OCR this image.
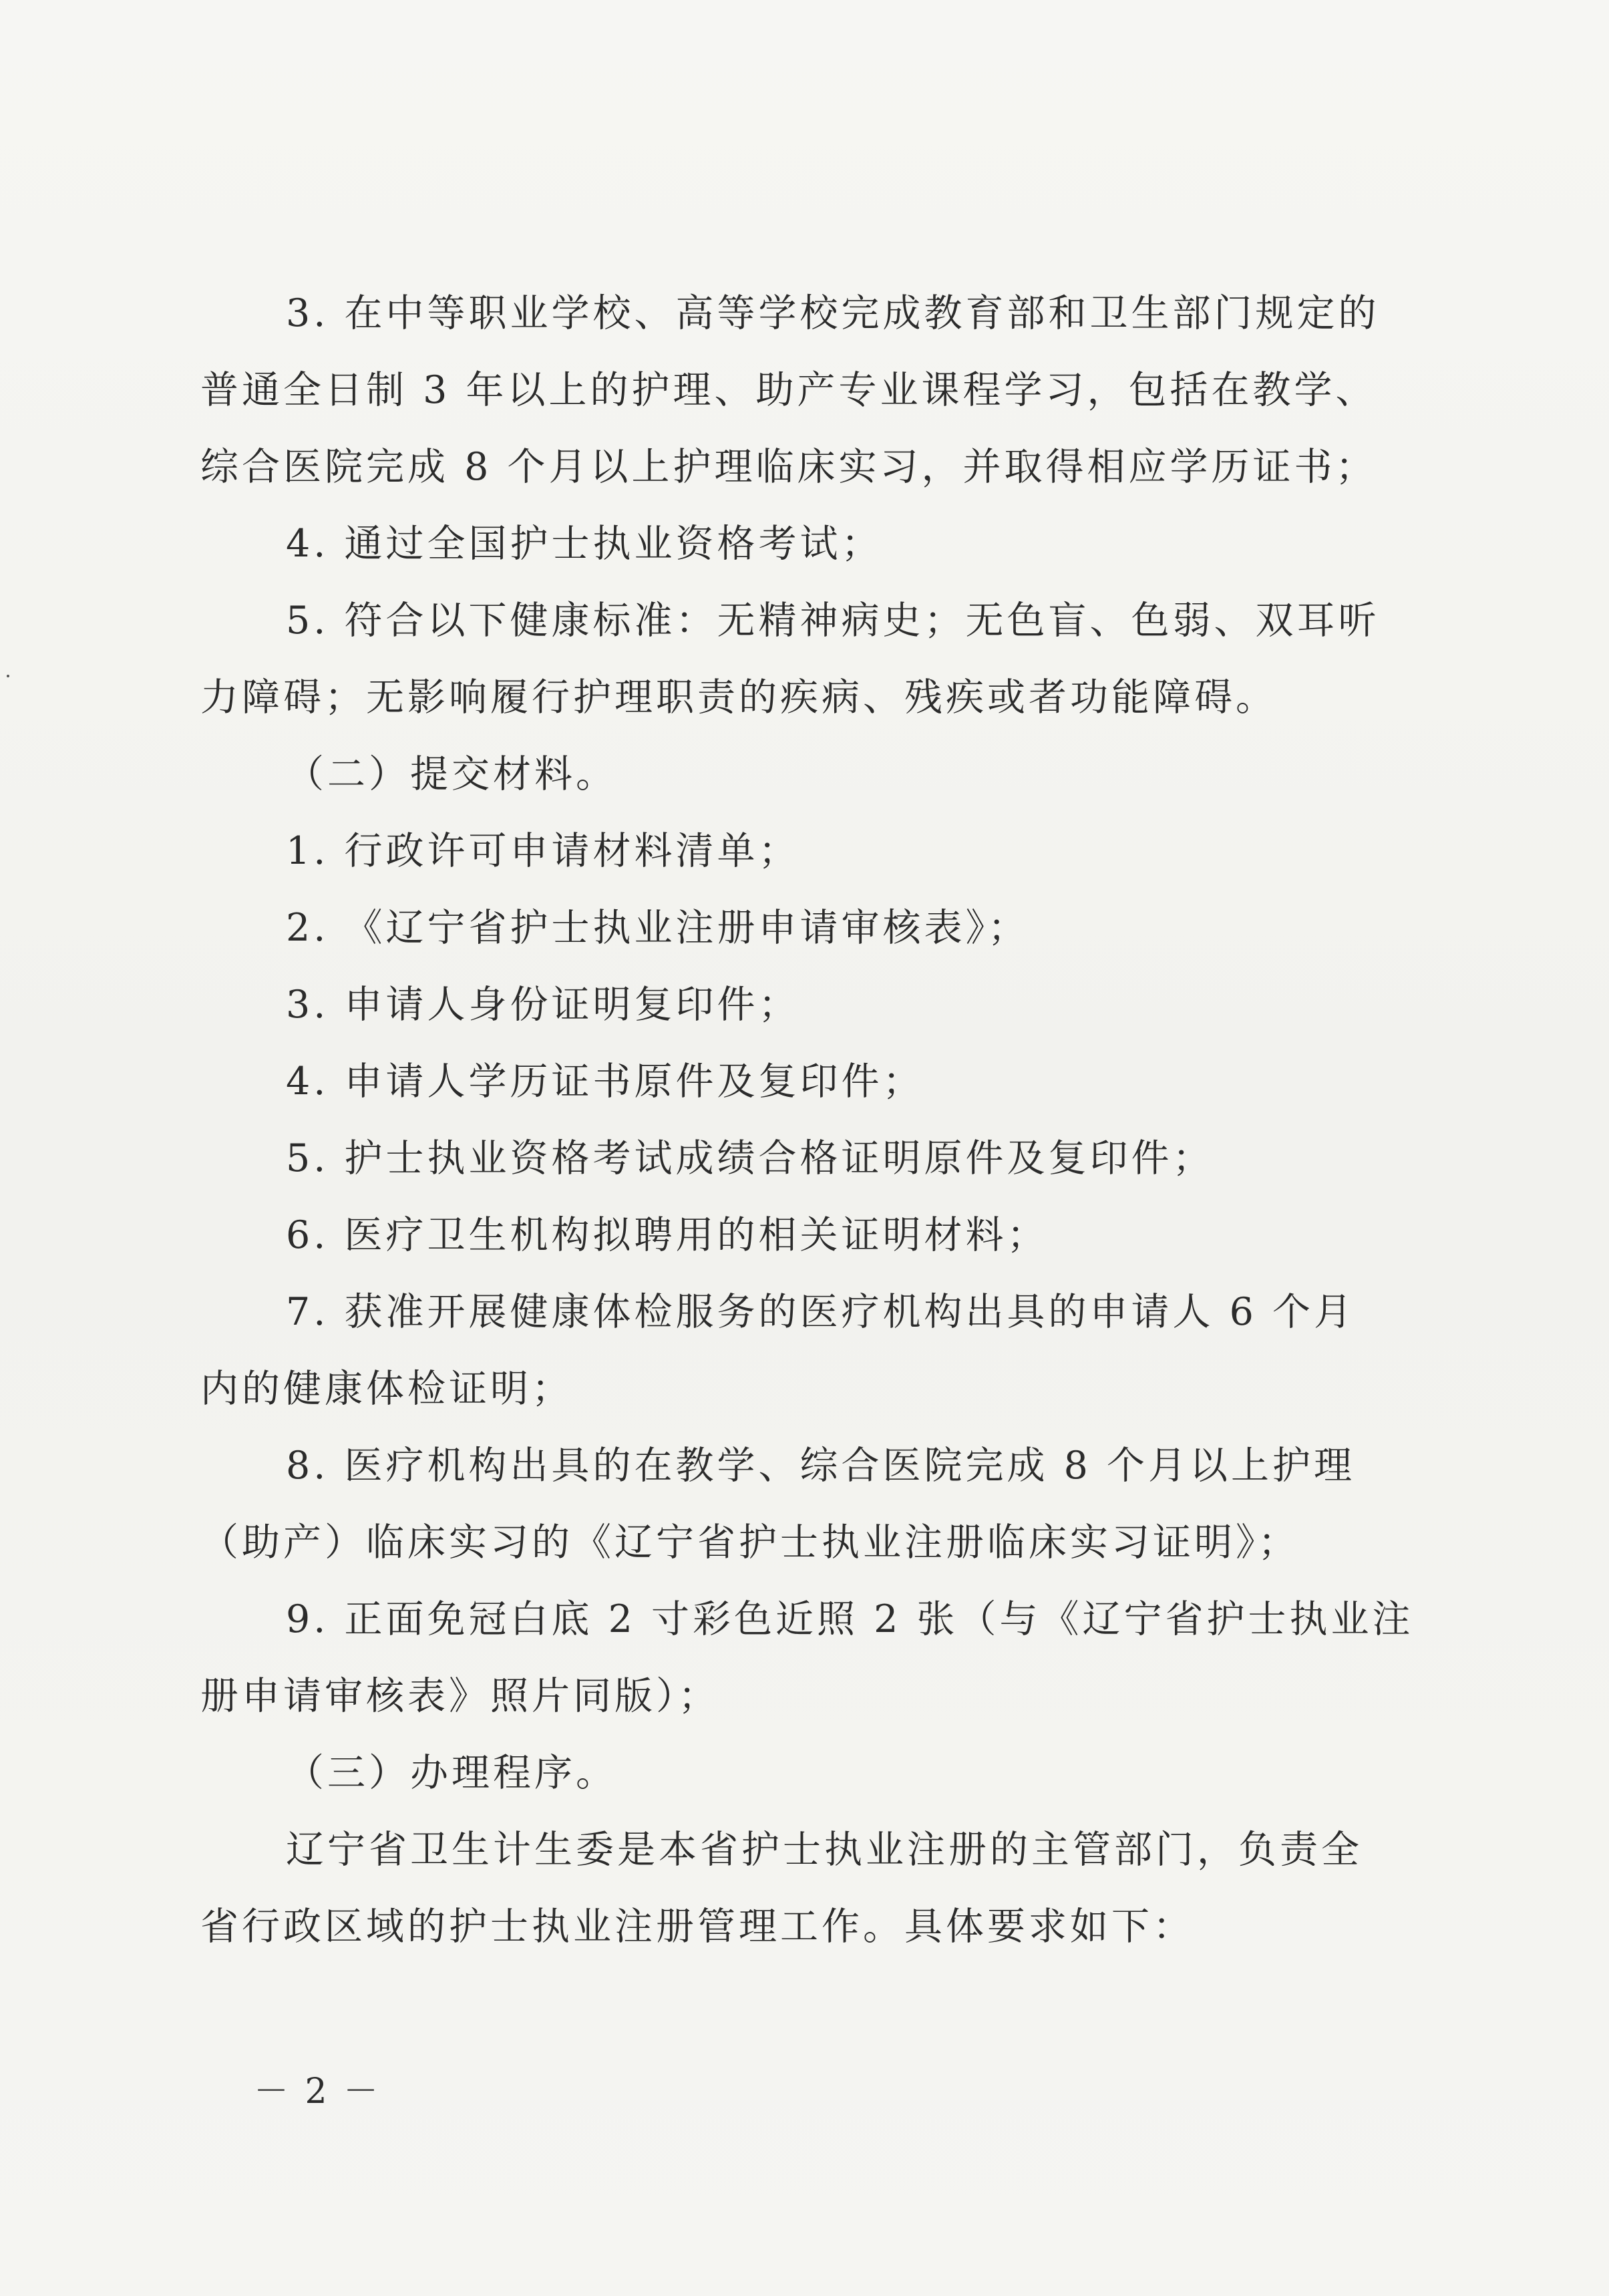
3. 在中等职业学校、高等学校完成教育部和卫生部门规定的
普通全日制 3 年以上的护理、助产专业课程学习，包括在教学、
综合医院完成 8 个月以上护理临床实习，并取得相应学历证书；
4. 通过全国护士执业资格考试；
5. 符合以下健康标准：无精神病史；无色盲、色弱、双耳听
力障碍；无影响履行护理职责的疾病、残疾或者功能障碍。
（二）提交材料。
1. 行政许可申请材料清单；
2. 《辽宁省护士执业注册申请审核表》；
3. 申请人身份证明复印件；
4. 申请人学历证书原件及复印件；
5. 护士执业资格考试成绩合格证明原件及复印件；
6. 医疗卫生机构拟聘用的相关证明材料；
7. 获准开展健康体检服务的医疗机构出具的申请人 6 个月
内的健康体检证明；
8. 医疗机构出具的在教学、综合医院完成 8 个月以上护理
（助产）临床实习的《辽宁省护士执业注册临床实习证明》；
9. 正面免冠白底 2 寸彩色近照 2 张（与《辽宁省护士执业注
册申请审核表》照片同版）；
（三）办理程序。
辽宁省卫生计生委是本省护士执业注册的主管部门，负责全
省行政区域的护士执业注册管理工作。具体要求如下：
－ 2 －
